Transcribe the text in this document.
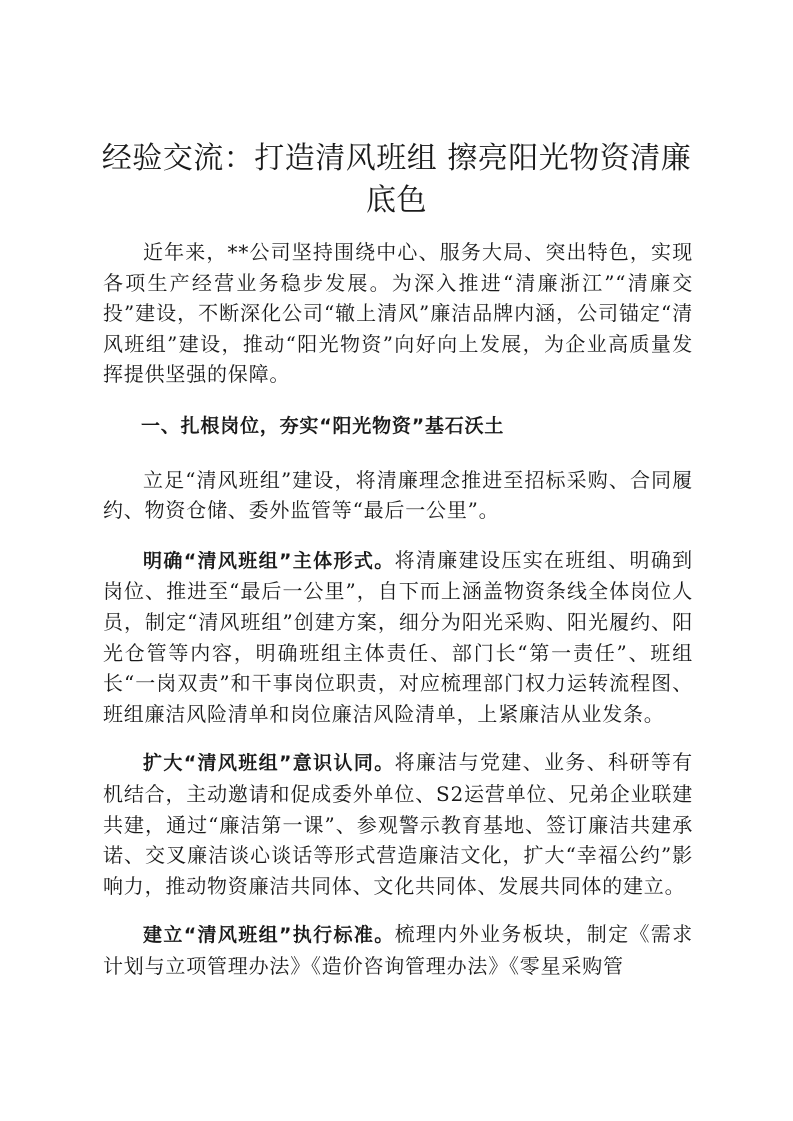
经验交流：打造清风班组 擦亮阳光物资清廉
底色

近年来，**公司坚持围绕中心、服务大局、突出特色，实现各项生产经营业务稳步发展。为深入推进“清廉浙江”“清廉交投”建设，不断深化公司“辙上清风”廉洁品牌内涵，公司锚定“清风班组”建设，推动“阳光物资”向好向上发展，为企业高质量发挥提供坚强的保障。

一、扎根岗位，夯实“阳光物资”基石沃土

立足“清风班组”建设，将清廉理念推进至招标采购、合同履约、物资仓储、委外监管等“最后一公里”。

明确“清风班组”主体形式。将清廉建设压实在班组、明确到岗位、推进至“最后一公里”，自下而上涵盖物资条线全体岗位人员，制定“清风班组”创建方案，细分为阳光采购、阳光履约、阳光仓管等内容，明确班组主体责任、部门长“第一责任”、班组长“一岗双责”和干事岗位职责，对应梳理部门权力运转流程图、班组廉洁风险清单和岗位廉洁风险清单，上紧廉洁从业发条。

扩大“清风班组”意识认同。将廉洁与党建、业务、科研等有机结合，主动邀请和促成委外单位、S2运营单位、兄弟企业联建共建，通过“廉洁第一课”、参观警示教育基地、签订廉洁共建承诺、交叉廉洁谈心谈话等形式营造廉洁文化，扩大“幸福公约”影响力，推动物资廉洁共同体、文化共同体、发展共同体的建立。

建立“清风班组”执行标准。梳理内外业务板块，制定《需求计划与立项管理办法》《造价咨询管理办法》《零星采购管
